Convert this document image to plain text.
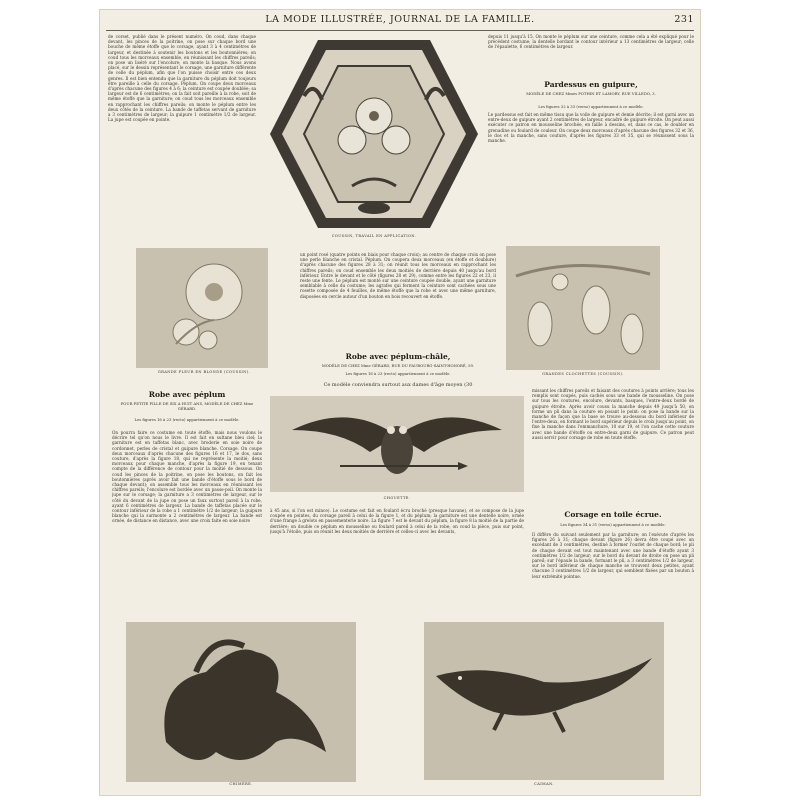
LA MODE ILLUSTRÉE, JOURNAL DE LA FAMILLE.	231
de corset, publié dans le présent numéro. On coud, dans chaque devant, les pinces de la poitrine, on pose sur chaque bord une bouche de même étoffe que le corsage, ayant 3 à 4 centimètres de largeur, et destinée à soutenir les boutons et les boutonnières; on coud tous les morceaux ensemble, en réunissant les chiffres pareils; on pose un liséré sur l'encolure; on monte la basque. Nous avons placé, sur le dessin représentant le corsage, une garniture différente de celle du péplum, afin que l'on puisse choisir entre ces deux genres. Il est bien entendu que la garniture du péplum doit toujours être pareille à celle du corsage. Péplum. On coupe deux morceaux d'après chacune des figures 4 à 6; la ceinture est coupée doublée; sa largeur est de 6 centimètres; on la fait soit pareille à la robe, soit de même étoffe que la garniture; on coud tous les morceaux ensemble en rapprochant les chiffres pareils; on monte le péplum entre les deux côtés de la ceinture. La bande de taffetas servant de garniture a 3 centimètres de largeur; la guipure 1 centimètre 1/2 de largeur. La jupe est coupée en pointe.
COUSSIN, TRAVAIL EN APPLICATION.
depuis 11 jusqu'à 15. On monte le péplum sur une ceinture, comme cela a été expliqué pour le précédent costume; la dentelle bordant le contour intérieur a 13 centimètres de largeur; celle de l'épaulette, 6 centimètres de largeur.
Pardessus en guipure,
MODÈLE DE CHEZ Mmes POTHIN ET LAMORY, RUE VILLEDO, 3.
Les figures 32 à 33 (verso) appartiennent à ce modèle.
Le pardessus est fait en même tissu que la voile de guipure et demie décrite; il est garni avec un entre-deux de guipure ayant 2 centimètres de largeur, encadré de guipure étroite. On peut aussi exécuter ce patron en mousseline brochée, en faille à dessins, et, dans ce cas, le doubler en grenadine ou foulard de couleur. On coupe deux morceaux d'après chacune des figures 32 et 36, le dos et la manche, sans couture, d'après les figures 33 et 35, qui se réunissent sous la manche.
GRANDE FLEUR EN BLONDE (COUSSIN).
un point rosé (quatre points en biais pour chaque croix); au centre de chaque croix on pose une perle blanche en cristal. Péplum. On coupera deux morceaux (en étoffe et doublure) d'après chacune des figures 28 à 31; on réunit tous les morceaux en rapprochant les chiffres pareils; on coud ensemble les deux moitiés de derrière depuis 40 jusqu'au bord inférieur. Entre le devant et le côté (figures 28 et 29), comme entre les figures 22 et 23, il reste une fente. Le péplum est monté sur une ceinture coupée double, ayant une garniture semblable à celle du costume; les agrafes qui ferment la ceinture sont cachées sous une rosette composée de 4 feuilles, de même étoffe que la robe et avec une même garniture, disposées en cercle autour d'un bouton en bois recouvert en étoffe.
Robe avec péplum-châle,
MODÈLE DE CHEZ Mme GÉRARD, RUE DU FAUBOURG-SAINT-HONORÉ, 59.
Les figures 16 à 23 (recto) appartiennent à ce modèle.
Ce modèle conviendra surtout aux dames d'âge moyen (30
GRANDES CLOCHETTES (COUSSIN).
Robe avec péplum
POUR PETITE FILLE DE SIX A HUIT ANS, MODÈLE DE CHEZ Mme GÉRARD.
Les figures 16 à 23 (recto) appartiennent à ce modèle.
On pourra faire ce costume en toute étoffe, mais nous voulons le décrire tel qu'on nous le livre. Il est fait en sultane bleu ciel; la garniture est en taffetas blanc, avec broderie en soie noire de cordonnet, perles de cristal et guipure blanche. Corsage. On coupe deux morceaux d'après chacune des figures 16 et 17, le dos, sans couture, d'après la figure 18, qui ne représente la moitié; deux morceaux pour chaque manche, d'après la figure 19, en tenant compte de la différence de contour pour la moitié de dessous. On coud les pinces de la poitrine, on pose les boutons, on fait les boutonnières (après avoir fait une bande d'étoffe sous le bord de chaque devant); on assemble tous les morceaux en réunissant les chiffres pareils; l'encolure est bordée avec un passe-poil. On monte la jupe sur le corsage; la garniture a 3 centimètres de largeur, sur le côté du devant de la jupe on pose un faux surtout pareil à la robe, ayant 6 centimètres de largeur. La bande de taffetas placée sur le contour inférieur de la robe a 1 centimètre 1/2 de largeur; la guipure blanche qui la surmonte a 2 centimètres de largeur. La bande est ornée, de distance en distance, avec une croix faite en soie noire
CHOUETTE.
à 45 ans, si l'on est mince). Le costume est fait en foulard écru broché (presque havane), et se compose de la jupe coupée en pointes, du corsage pareil à celui de la figure 1, et du péplum; la garniture est une dentelle noire, ornée d'une frange à grelots en passementerie noire. La figure 7 est le devant du péplum, la figure 8 la moitié de la partie de derrière; on double ce péplum en mousseline ou foulard pareil à celui de la robe; on coud la pièce, puis sur point, jusqu'à l'étoile, puis on réunit les deux moitiés de derrière et celles-ci avec les devants,
missant les chiffres pareils et faisant des coutures à points arrière; tous les remplis sont coupés, puis cachés sous une bande de mousseline. On pose sur tous les coutures, encolure, devants, basques, l'entre-deux bordé de guipure étroite. Après avoir cousu la manche depuis 49 jusqu'à 50, on forme un pli dans la couture en posant le point: on pose la bande sur la manche de façon que la base se trouve au-dessous du bord inférieur de l'entre-deux, en formant le bord supérieur depuis le croix jusqu'au point, on fixe la manche dans l'emmanchure, 10 sur 19, et l'on cache cette couture avec une bande d'étoffe ou entre-deux garni de guipure. Ce patron peut aussi servir pour corsage de robe en toute étoffe.
Corsage en toile écrue.
Les figures 34 à 31 (verso) appartiennent à ce modèle.
Il diffère du suivant seulement par la garniture; on l'exécute d'après les figures 26 à 31; chaque devant (figure 26) devra être coupé avec un excédant de 3 centimètres, destiné à former l'ourlet de chaque bord; le pli de chaque devant est tout maintenant avec une bande d'étoffe ayant 3 centimètres 1/2 de largeur; sur le bord du devant de droite on pose un pli pareil; sur l'épaule la bande, formant le pli, a 3 centimètres 1/2 de largeur, sur le bord inférieur de chaque manche se trouvent deux petites, ayant chacune 3 centimètres 1/2 de largeur, qui semblent fixées par un bouton à leur extrémité pointue.
CHIMÈRE.	CAIMAN.
